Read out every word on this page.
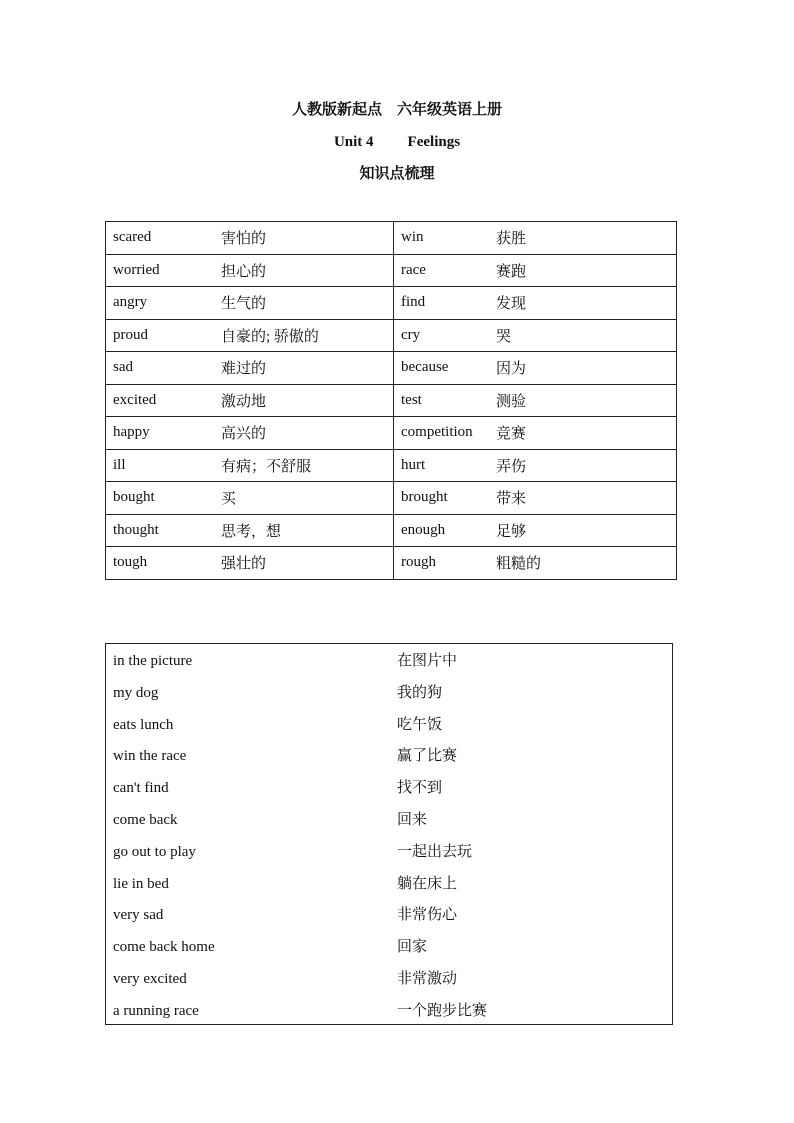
人教版新起点　六年级英语上册
Unit 4 Feelings
知识点梳理
scared 害怕的	win 获胜
worried 担心的	race 赛跑
angry 生气的	find 发现
proud 自豪的; 骄傲的	cry 哭
sad 难过的	because 因为
excited 激动地	test 测验
happy 高兴的	competition 竞赛
ill 有病；不舒服	hurt 弄伤
bought 买	brought 带来
thought 思考，想	enough 足够
tough 强壮的	rough 粗糙的
in the picture	在图片中
my dog	我的狗
eats lunch	吃午饭
win the race	赢了比赛
can't find	找不到
come back	回来
go out to play	一起出去玩
lie in bed	躺在床上
very sad	非常伤心
come back home	回家
very excited	非常激动
a running race	一个跑步比赛
